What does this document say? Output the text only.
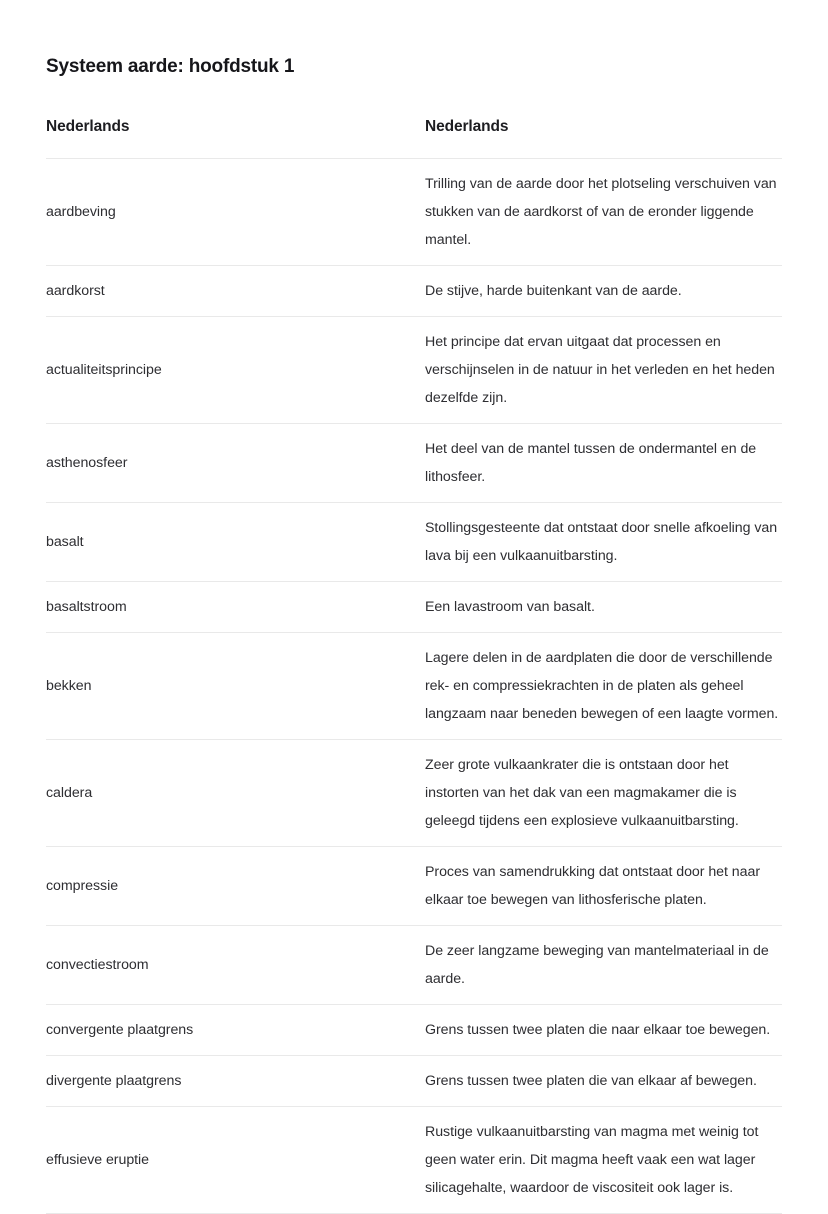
Systeem aarde: hoofdstuk 1
Nederlands	Nederlands
aardbeving	Trilling van de aarde door het plotseling verschuiven van stukken van de aardkorst of van de eronder liggende mantel.

aardkorst	De stijve, harde buitenkant van de aarde.

actualiteitsprincipe	Het principe dat ervan uitgaat dat processen en verschijnselen in de natuur in het verleden en het heden dezelfde zijn.

asthenosfeer	Het deel van de mantel tussen de ondermantel en de lithosfeer.

basalt	Stollingsgesteente dat ontstaat door snelle afkoeling van lava bij een vulkaanuitbarsting.

basaltstroom	Een lavastroom van basalt.

bekken	Lagere delen in de aardplaten die door de verschillende rek- en compressiekrachten in de platen als geheel langzaam naar beneden bewegen of een laagte vormen.

caldera	Zeer grote vulkaankrater die is ontstaan door het instorten van het dak van een magmakamer die is geleegd tijdens een explosieve vulkaanuitbarsting.

compressie	Proces van samendrukking dat ontstaat door het naar elkaar toe bewegen van lithosferische platen.

convectiestroom	De zeer langzame beweging van mantelmateriaal in de aarde.

convergente plaatgrens	Grens tussen twee platen die naar elkaar toe bewegen.

divergente plaatgrens	Grens tussen twee platen die van elkaar af bewegen.

effusieve eruptie	Rustige vulkaanuitbarsting van magma met weinig tot geen water erin. Dit magma heeft vaak een wat lager silicagehalte, waardoor de viscositeit ook lager is.
